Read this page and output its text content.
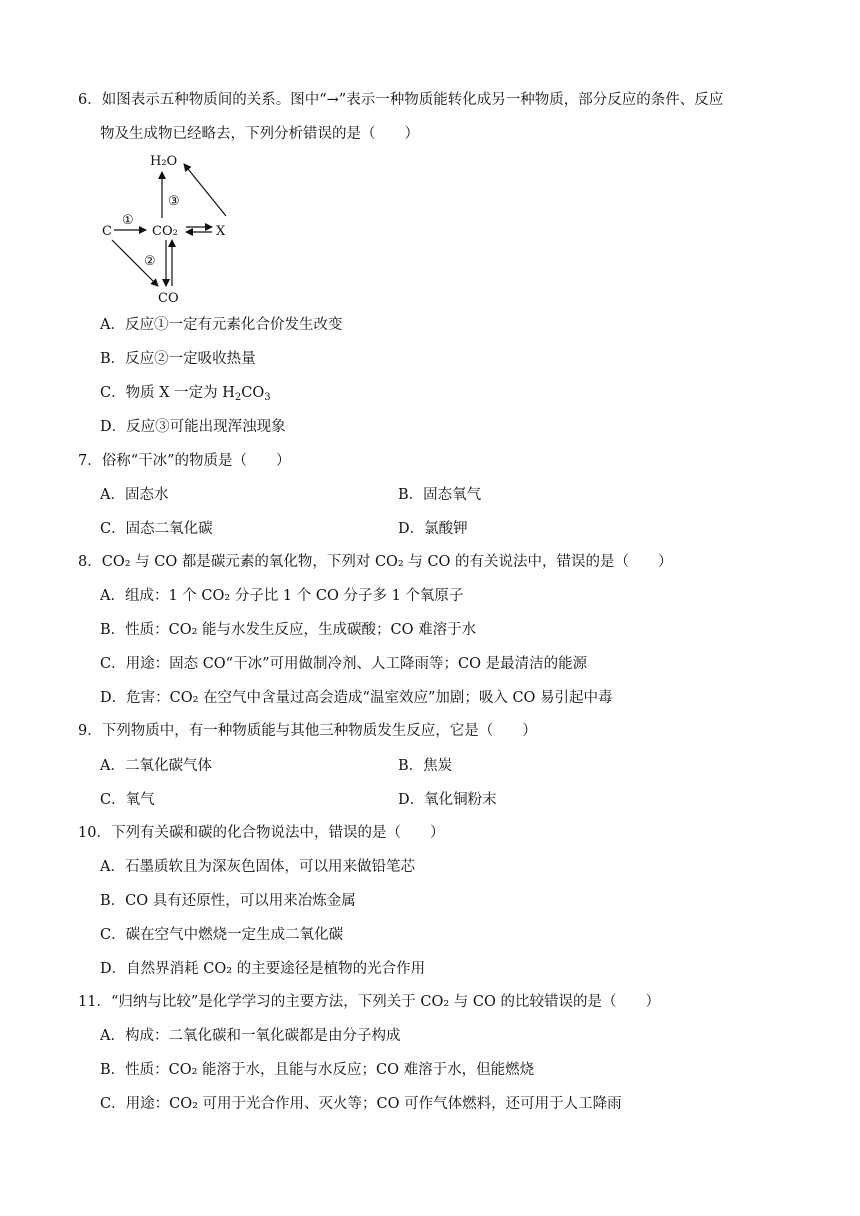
6．如图表示五种物质间的关系。图中“→”表示一种物质能转化成另一种物质，部分反应的条件、反应
物及生成物已经略去，下列分析错误的是（　　）
H₂O
C	CO₂	X
CO
①
②
③
A．反应①一定有元素化合价发生改变
B．反应②一定吸收热量
C．物质 X 一定为 $H_2CO_3$
D．反应③可能出现浑浊现象
7．俗称“干冰”的物质是（　　）
A．固态水	B．固态氧气
C．固态二氧化碳	D．氯酸钾
8．CO₂ 与 CO 都是碳元素的氧化物，下列对 CO₂ 与 CO 的有关说法中，错误的是（　　）
A．组成：1 个 CO₂ 分子比 1 个 CO 分子多 1 个氧原子
B．性质：CO₂ 能与水发生反应，生成碳酸；CO 难溶于水
C．用途：固态 CO“干冰”可用做制冷剂、人工降雨等；CO 是最清洁的能源
D．危害：CO₂ 在空气中含量过高会造成“温室效应”加剧；吸入 CO 易引起中毒
9．下列物质中，有一种物质能与其他三种物质发生反应，它是（　　）
A．二氧化碳气体	B．焦炭
C．氧气	D．氧化铜粉末
10．下列有关碳和碳的化合物说法中，错误的是（　　）
A．石墨质软且为深灰色固体，可以用来做铅笔芯
B．CO 具有还原性，可以用来冶炼金属
C．碳在空气中燃烧一定生成二氧化碳
D．自然界消耗 CO₂ 的主要途径是植物的光合作用
11．“归纳与比较”是化学学习的主要方法，下列关于 CO₂ 与 CO 的比较错误的是（　　）
A．构成：二氧化碳和一氧化碳都是由分子构成
B．性质：CO₂ 能溶于水，且能与水反应；CO 难溶于水，但能燃烧
C．用途：CO₂ 可用于光合作用、灭火等；CO 可作气体燃料，还可用于人工降雨
